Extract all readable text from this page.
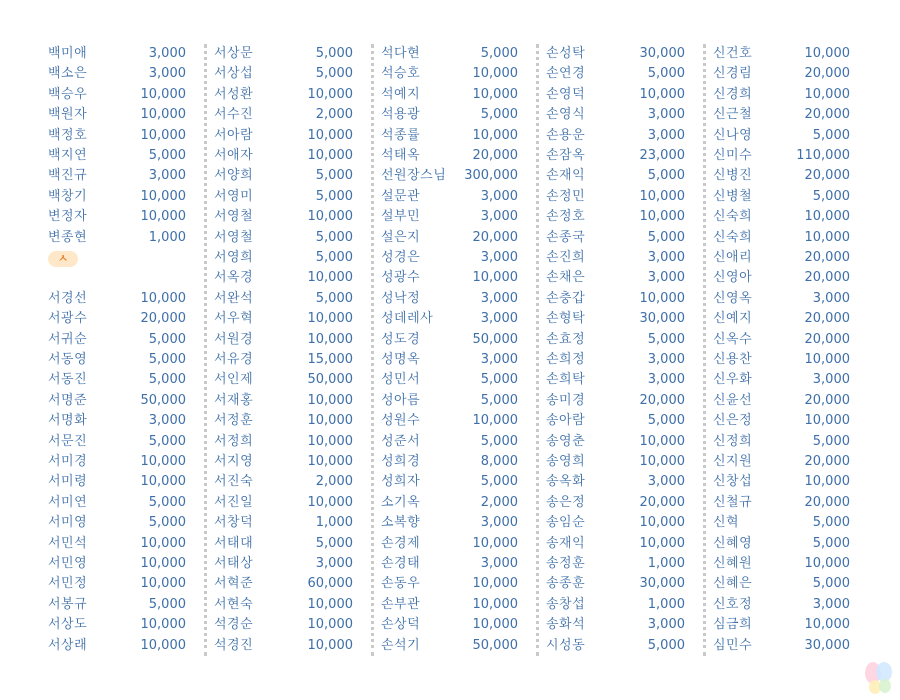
백미애	3,000
백소은	3,000
백승우	10,000
백원자	10,000
백정호	10,000
백지연	5,000
백진규	3,000
백창기	10,000
변정자	10,000
변종현	1,000
ㅅ
서경선	10,000
서광수	20,000
서귀순	5,000
서동영	5,000
서동진	5,000
서명준	50,000
서명화	3,000
서문진	5,000
서미경	10,000
서미령	10,000
서미연	5,000
서미영	5,000
서민석	10,000
서민영	10,000
서민정	10,000
서봉규	5,000
서상도	10,000
서상래	10,000
서상문	5,000
서상섭	5,000
서성환	10,000
서수진	2,000
서아람	10,000
서애자	10,000
서양희	5,000
서영미	5,000
서영철	10,000
서영철	5,000
서영희	5,000
서옥경	10,000
서완석	5,000
서우혁	10,000
서원경	10,000
서유경	15,000
서인제	50,000
서재홍	10,000
서정훈	10,000
서정희	10,000
서지영	10,000
서진숙	2,000
서진일	10,000
서창덕	1,000
서태대	5,000
서태상	3,000
서혁준	60,000
서현숙	10,000
석경순	10,000
석경진	10,000
석다현	5,000
석승호	10,000
석예지	10,000
석용광	5,000
석종률	10,000
석태옥	20,000
선원장스님 300,000
설문관	3,000
설부민	3,000
설은지	20,000
성경은	3,000
성광수	10,000
성낙정	3,000
성데레사	3,000
성도경	50,000
성명옥	3,000
성민서	5,000
성아름	5,000
성원수	10,000
성준서	5,000
성희경	8,000
성희자	5,000
소기옥	2,000
소복향	3,000
손경제	10,000
손경태	3,000
손동우	10,000
손부관	10,000
손상덕	10,000
손석기	50,000
손성탁	30,000
손연경	5,000
손영덕	10,000
손영식	3,000
손용운	3,000
손잠옥	23,000
손재익	5,000
손정민	10,000
손정호	10,000
손종국	5,000
손진희	3,000
손채은	3,000
손충갑	10,000
손형탁	30,000
손효정	5,000
손희정	3,000
손희탁	3,000
송미경	20,000
송아람	5,000
송영춘	10,000
송영희	10,000
송옥화	3,000
송은정	20,000
송임순	10,000
송재익	10,000
송정훈	1,000
송종훈	30,000
송창섭	1,000
송화석	3,000
시성동	5,000
신건호	10,000
신경림	20,000
신경희	10,000
신근철	20,000
신나영	5,000
신미수	110,000
신병진	20,000
신병철	5,000
신숙희	10,000
신숙희	10,000
신애리	20,000
신영아	20,000
신영옥	3,000
신예지	20,000
신옥수	20,000
신용찬	10,000
신우화	3,000
신윤선	20,000
신은정	10,000
신정희	5,000
신지원	20,000
신창섭	10,000
신철규	20,000
신혁	5,000
신혜영	5,000
신혜원	10,000
신혜은	5,000
신호정	3,000
심금희	10,000
심민수	30,000
